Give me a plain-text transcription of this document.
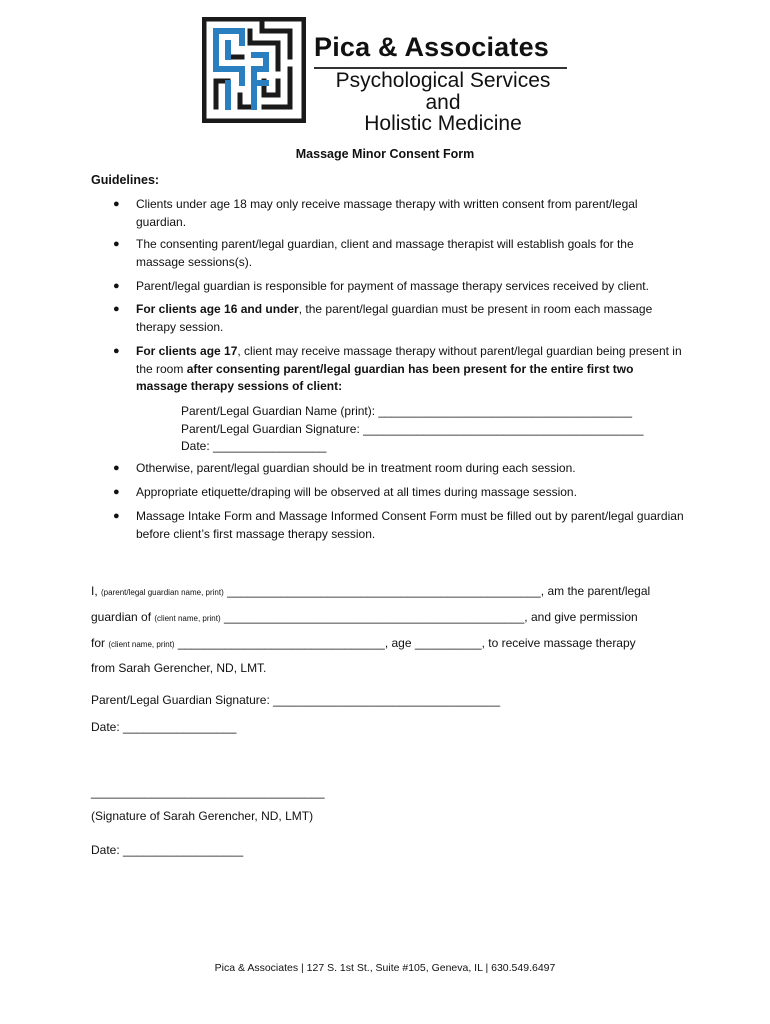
Pica & Associates
Psychological Services
and
Holistic Medicine
Massage Minor Consent Form
Guidelines:
● Clients under age 18 may only receive massage therapy with written consent from parent/legal guardian.
● The consenting parent/legal guardian, client and massage therapist will establish goals for the massage sessions(s).
● Parent/legal guardian is responsible for payment of massage therapy services received by client.
● For clients age 16 and under, the parent/legal guardian must be present in room each massage therapy session.
● For clients age 17, client may receive massage therapy without parent/legal guardian being present in the room after consenting parent/legal guardian has been present for the entire first two massage therapy sessions of client:
Parent/Legal Guardian Name (print): ______________________________________
Parent/Legal Guardian Signature: __________________________________________
Date: _________________
● Otherwise, parent/legal guardian should be in treatment room during each session.
● Appropriate etiquette/draping will be observed at all times during massage session.
● Massage Intake Form and Massage Informed Consent Form must be filled out by parent/legal guardian before client’s first massage therapy session.
I, (parent/legal guardian name, print) _______________________________________________, am the parent/legal
guardian of (client name, print) _____________________________________________, and give permission
for (client name, print) _______________________________, age __________, to receive massage therapy
from Sarah Gerencher, ND, LMT.
Parent/Legal Guardian Signature: __________________________________
Date: _________________
___________________________________
(Signature of Sarah Gerencher, ND, LMT)
Date: __________________
Pica & Associates | 127 S. 1st St., Suite #105, Geneva, IL | 630.549.6497
